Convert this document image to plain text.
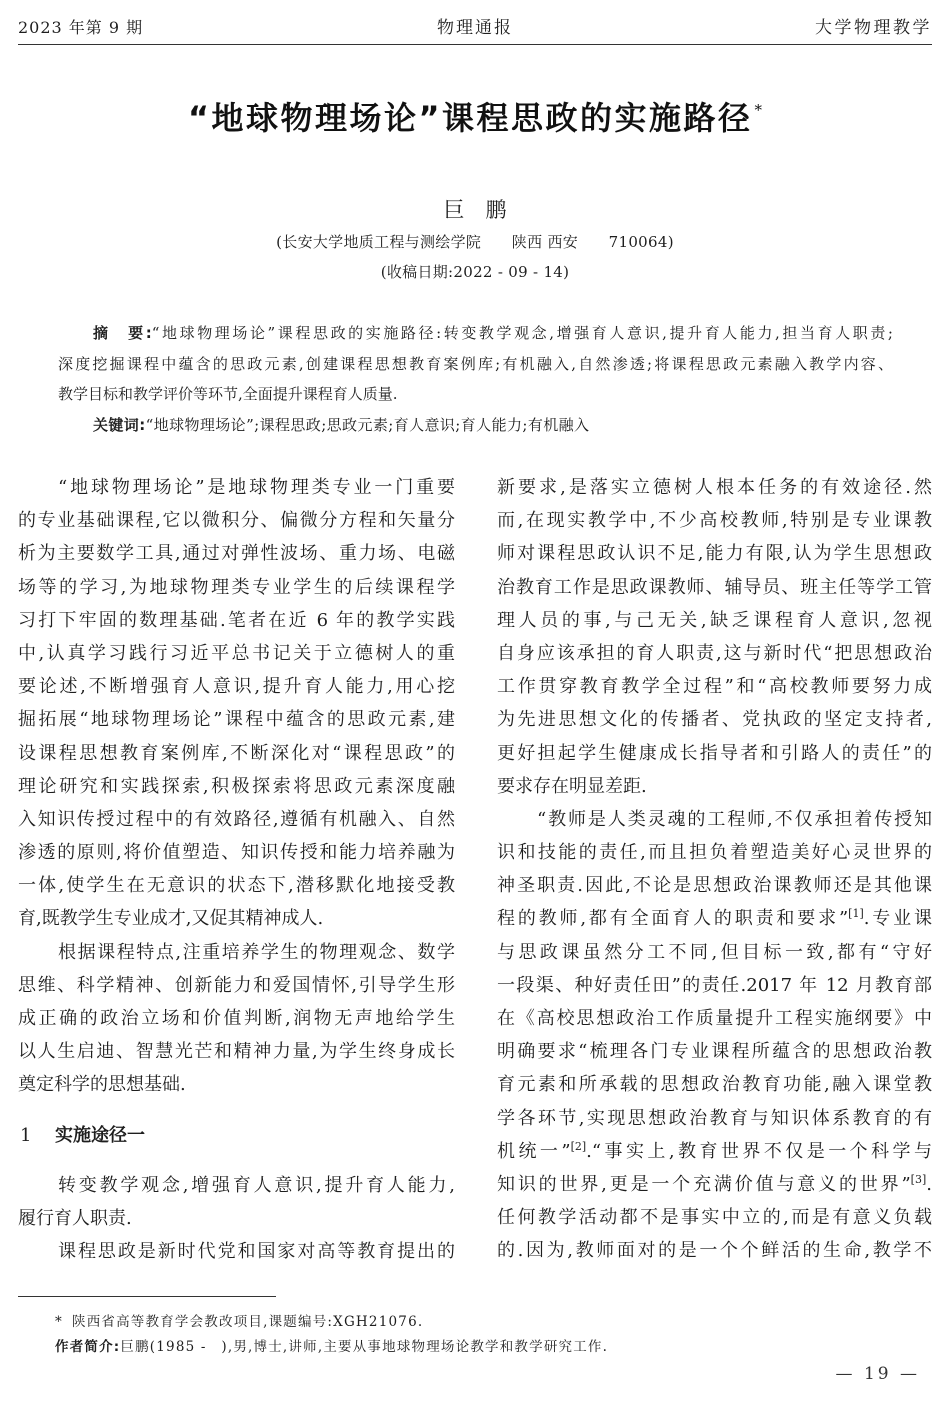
2023 年第 9 期	物理通报	大学物理教学
“地球物理场论”课程思政的实施路径 *
巨　鹏
(长安大学地质工程与测绘学院　　陕西 西安　　710064)
(收稿日期:2022 - 09 - 14)
摘　要:“地球物理场论”课程思政的实施路径:转变教学观念,增强育人意识,提升育人能力,担当育人职责;
深度挖掘课程中蕴含的思政元素,创建课程思想教育案例库;有机融入,自然渗透;将课程思政元素融入教学内容、
教学目标和教学评价等环节,全面提升课程育人质量.
关键词:“地球物理场论”;课程思政;思政元素;育人意识;育人能力;有机融入
“地球物理场论”是地球物理类专业一门重要
的专业基础课程,它以微积分、偏微分方程和矢量分
析为主要数学工具,通过对弹性波场、重力场、电磁
场等的学习,为地球物理类专业学生的后续课程学
习打下牢固的数理基础.笔者在近 6 年的教学实践
中,认真学习践行习近平总书记关于立德树人的重
要论述,不断增强育人意识,提升育人能力,用心挖
掘拓展“地球物理场论”课程中蕴含的思政元素,建
设课程思想教育案例库,不断深化对“课程思政”的
理论研究和实践探索,积极探索将思政元素深度融
入知识传授过程中的有效路径,遵循有机融入、自然
渗透的原则,将价值塑造、知识传授和能力培养融为
一体,使学生在无意识的状态下,潜移默化地接受教
育,既教学生专业成才,又促其精神成人.
根据课程特点,注重培养学生的物理观念、数学
思维、科学精神、创新能力和爱国情怀,引导学生形
成正确的政治立场和价值判断,润物无声地给学生
以人生启迪、智慧光芒和精神力量,为学生终身成长
奠定科学的思想基础.
1 实施途径一
转变教学观念,增强育人意识,提升育人能力,
履行育人职责.
课程思政是新时代党和国家对高等教育提出的
新要求,是落实立德树人根本任务的有效途径.然
而,在现实教学中,不少高校教师,特别是专业课教
师对课程思政认识不足,能力有限,认为学生思想政
治教育工作是思政课教师、辅导员、班主任等学工管
理人员的事,与己无关,缺乏课程育人意识,忽视
自身应该承担的育人职责,这与新时代“把思想政治
工作贯穿教育教学全过程”和“高校教师要努力成
为先进思想文化的传播者、党执政的坚定支持者,
更好担起学生健康成长指导者和引路人的责任”的
要求存在明显差距.
“教师是人类灵魂的工程师,不仅承担着传授知
识和技能的责任,而且担负着塑造美好心灵世界的
神圣职责.因此,不论是思想政治课教师还是其他课
程的教师,都有全面育人的职责和要求”[1].专业课
与思政课虽然分工不同,但目标一致,都有“守好
一段渠、种好责任田”的责任.2017 年 12 月教育部
在《高校思想政治工作质量提升工程实施纲要》中
明确要求“梳理各门专业课程所蕴含的思想政治教
育元素和所承载的思想政治教育功能,融入课堂教
学各环节,实现思想政治教育与知识体系教育的有
机统一”[2].“事实上,教育世界不仅是一个科学与
知识的世界,更是一个充满价值与意义的世界”[3].
任何教学活动都不是事实中立的,而是有意义负载
的.因为,教师面对的是一个个鲜活的生命,教学不
* 陕西省高等教育学会教改项目,课题编号:XGH21076.
作者简介:巨鹏(1985 -　),男,博士,讲师,主要从事地球物理场论教学和教学研究工作.
— 19 —
